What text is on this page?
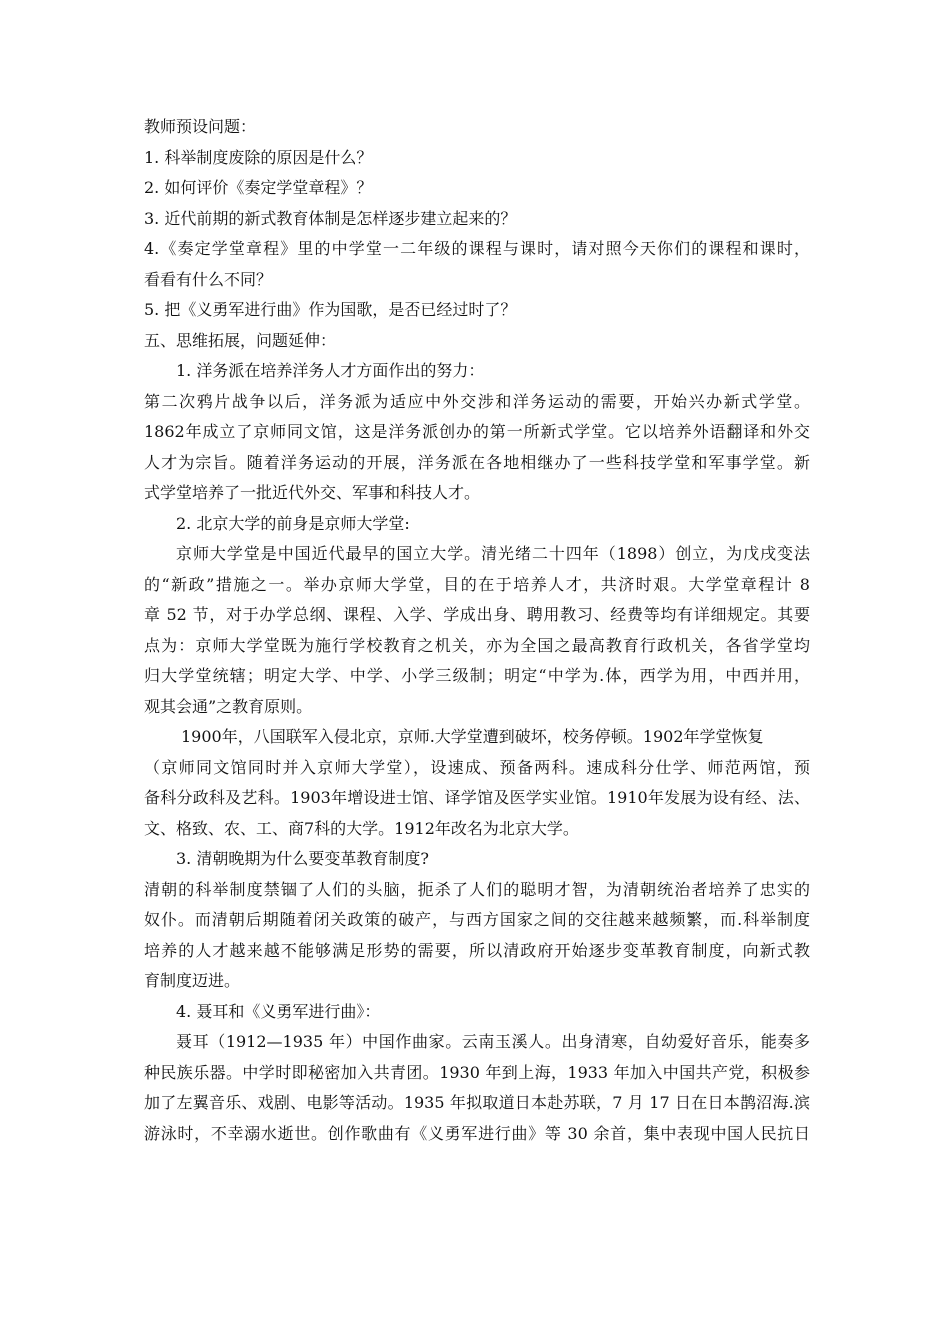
教师预设问题：
1. 科举制度废除的原因是什么？
2. 如何评价《奏定学堂章程》？
3. 近代前期的新式教育体制是怎样逐步建立起来的？
4.《奏定学堂章程》里的中学堂一二年级的课程与课时，请对照今天你们的课程和课时，
看看有什么不同？
5. 把《义勇军进行曲》作为国歌，是否已经过时了？
五、思维拓展，问题延伸：
1. 洋务派在培养洋务人才方面作出的努力：
第二次鸦片战争以后，洋务派为适应中外交涉和洋务运动的需要，开始兴办新式学堂。
1862年成立了京师同文馆，这是洋务派创办的第一所新式学堂。它以培养外语翻译和外交
人才为宗旨。随着洋务运动的开展，洋务派在各地相继办了一些科技学堂和军事学堂。新
式学堂培养了一批近代外交、军事和科技人才。
2. 北京大学的前身是京师大学堂:
京师大学堂是中国近代最早的国立大学。清光绪二十四年（1898）创立，为戊戌变法
的“新政”措施之一。举办京师大学堂，目的在于培养人才，共济时艰。大学堂章程计 8
章 52 节，对于办学总纲、课程、入学、学成出身、聘用教习、经费等均有详细规定。其要
点为：京师大学堂既为施行学校教育之机关，亦为全国之最高教育行政机关，各省学堂均
归大学堂统辖；明定大学、中学、小学三级制；明定“中学为.体，西学为用，中西并用，
观其会通”之教育原则。
1900年，八国联军入侵北京，京师.大学堂遭到破坏，校务停顿。1902年学堂恢复
（京师同文馆同时并入京师大学堂），设速成、预备两科。速成科分仕学、师范两馆，预
备科分政科及艺科。1903年增设进士馆、译学馆及医学实业馆。1910年发展为设有经、法、
文、格致、农、工、商7科的大学。1912年改名为北京大学。
3. 清朝晚期为什么要变革教育制度?
清朝的科举制度禁锢了人们的头脑，扼杀了人们的聪明才智，为清朝统治者培养了忠实的
奴仆。而清朝后期随着闭关政策的破产，与西方国家之间的交往越来越频繁，而.科举制度
培养的人才越来越不能够满足形势的需要，所以清政府开始逐步变革教育制度，向新式教
育制度迈进。
4. 聂耳和《义勇军进行曲》：
聂耳（1912—1935 年）中国作曲家。云南玉溪人。出身清寒，自幼爱好音乐，能奏多
种民族乐器。中学时即秘密加入共青团。1930 年到上海，1933 年加入中国共产党，积极参
加了左翼音乐、戏剧、电影等活动。1935 年拟取道日本赴苏联，7 月 17 日在日本鹊沼海.滨
游泳时，不幸溺水逝世。创作歌曲有《义勇军进行曲》等 30 余首，集中表现中国人民抗日
